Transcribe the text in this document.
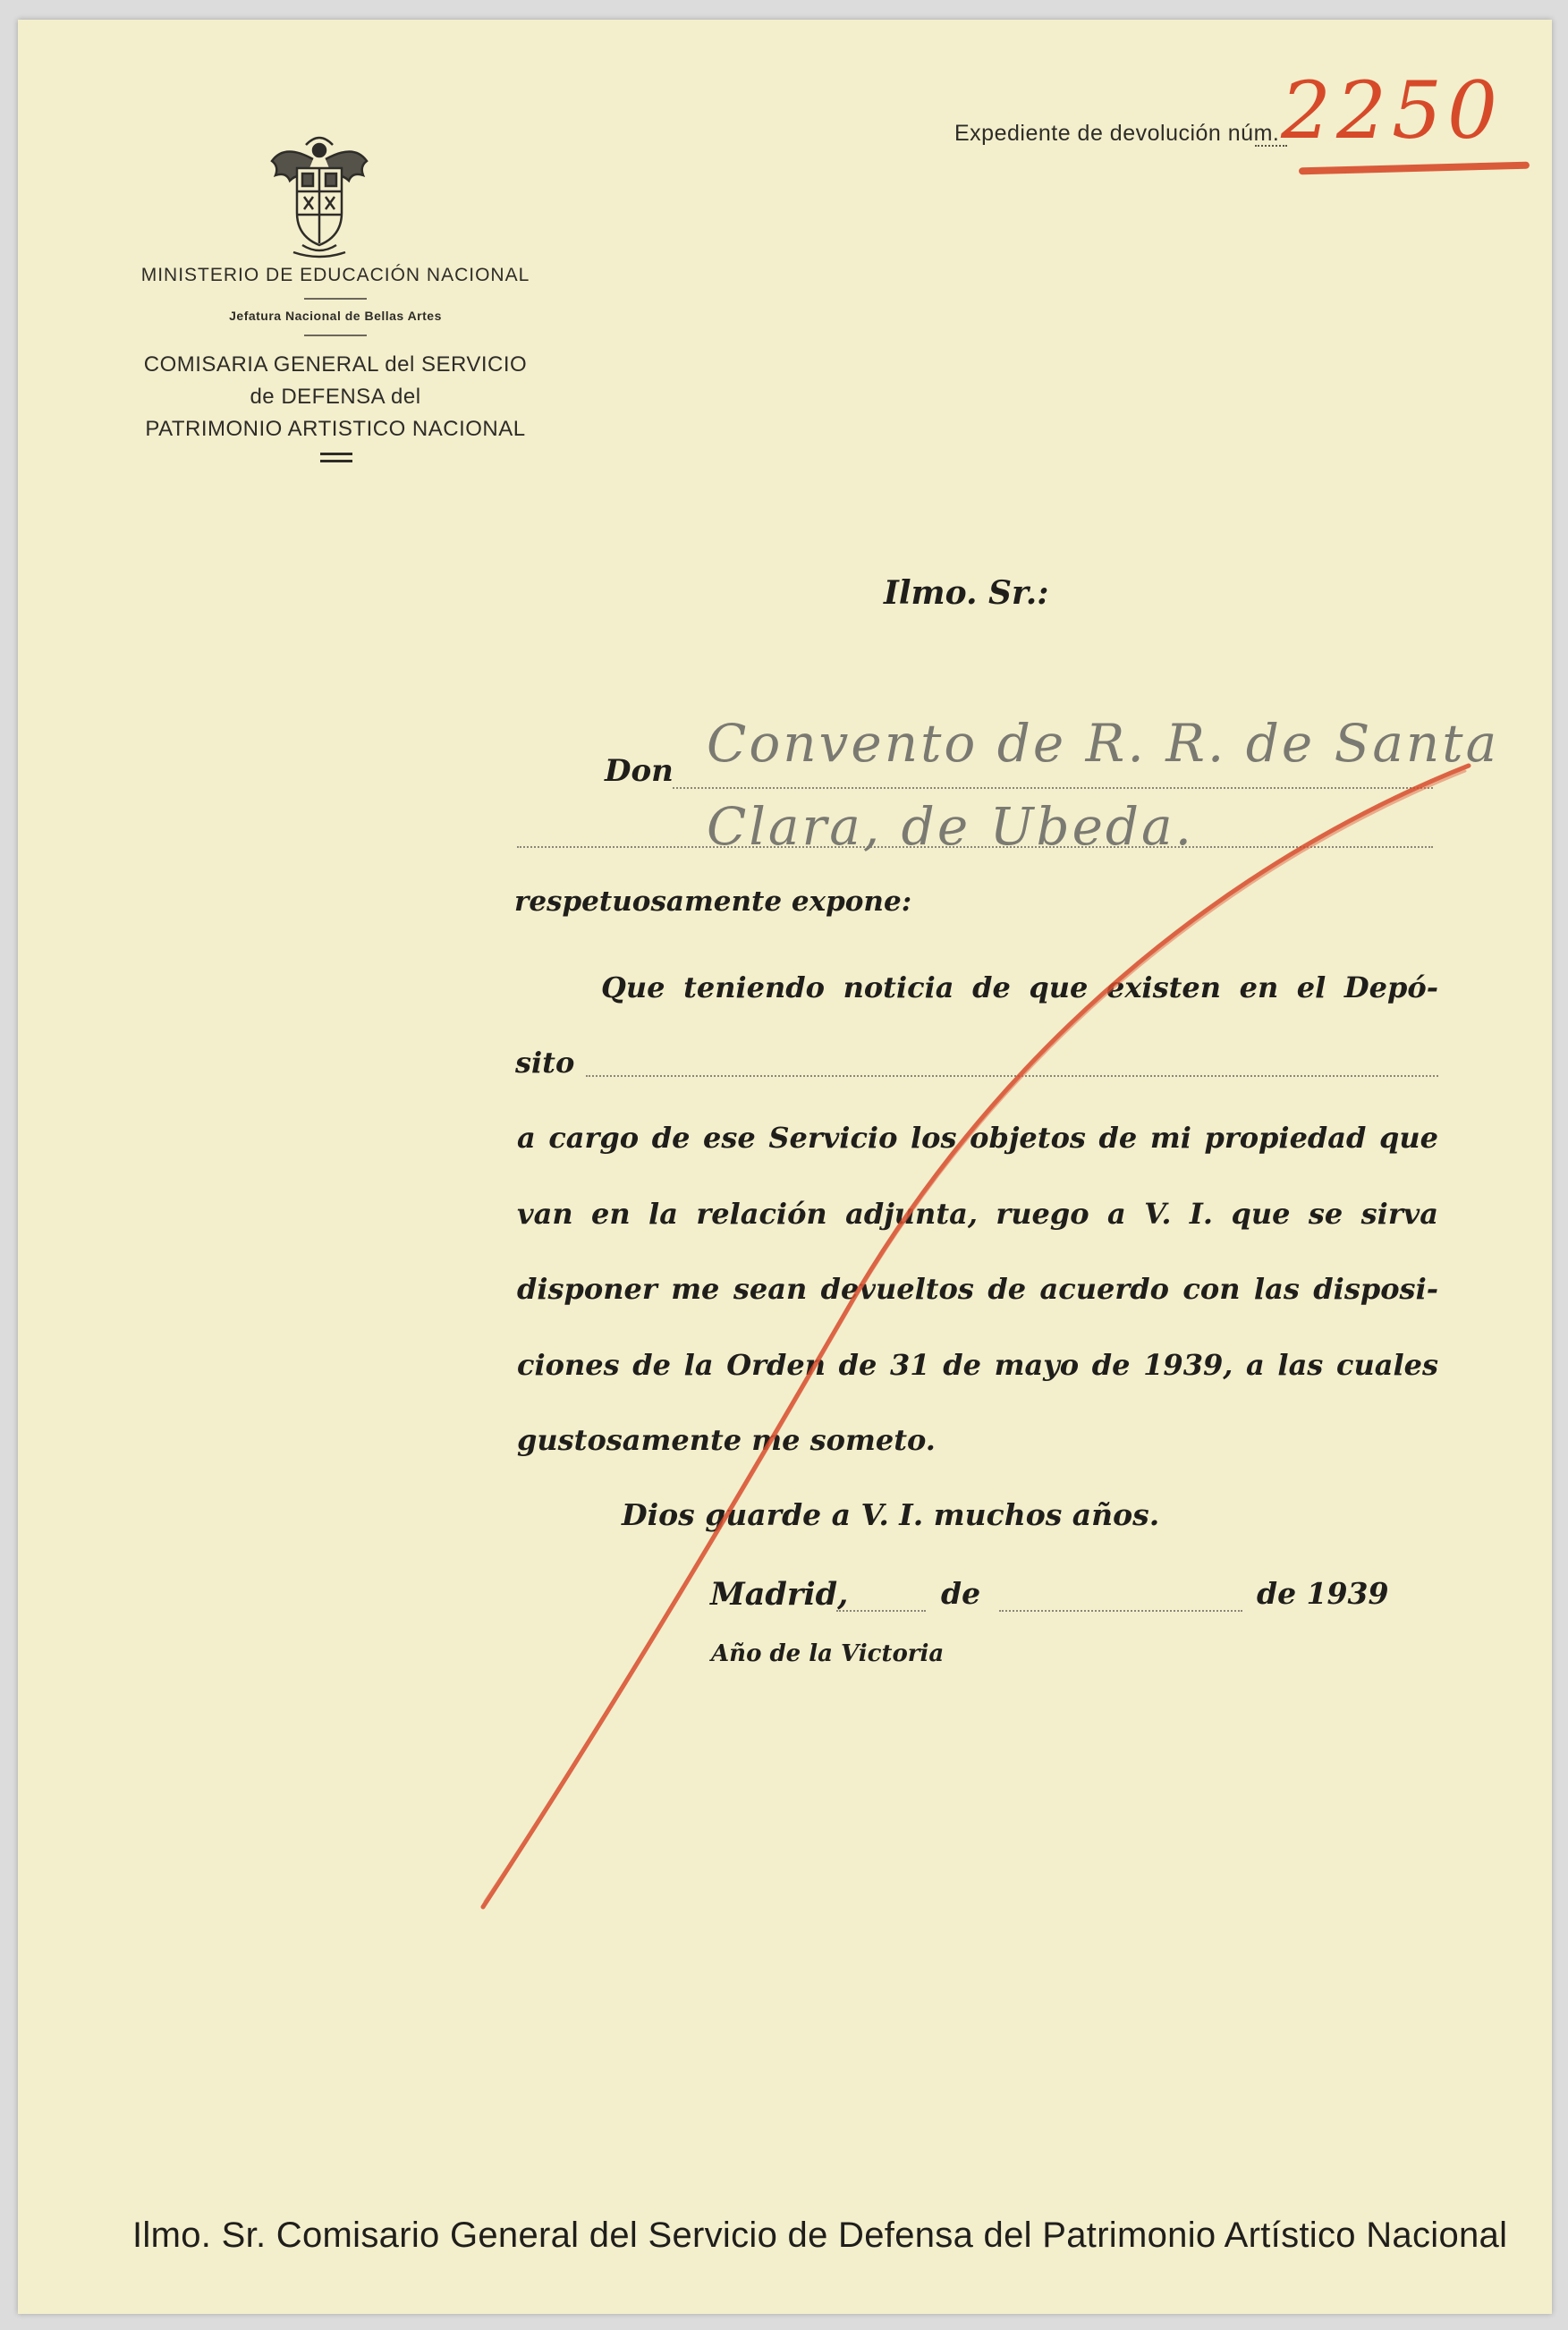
Expediente de devolución núm. 2250
MINISTERIO DE EDUCACIÓN NACIONAL
Jefatura Nacional de Bellas Artes
COMISARIA GENERAL del SERVICIO
de DEFENSA del
PATRIMONIO ARTISTICO NACIONAL
Ilmo. Sr.:
Don Convento de R. R. de Santa
Clara, de Ubeda.
respetuosamente expone:
Que teniendo noticia de que existen en el Depó-
sito
a cargo de ese Servicio los objetos de mi propiedad que
van en la relación adjunta, ruego a V. I. que se sirva
disponer me sean devueltos de acuerdo con las disposi-
ciones de la Orden de 31 de mayo de 1939, a las cuales
gustosamente me someto.
Dios guarde a V. I. muchos años.
Madrid,	de	de 1939
Año de la Victoria
Ilmo. Sr. Comisario General del Servicio de Defensa del Patrimonio Artístico Nacional
